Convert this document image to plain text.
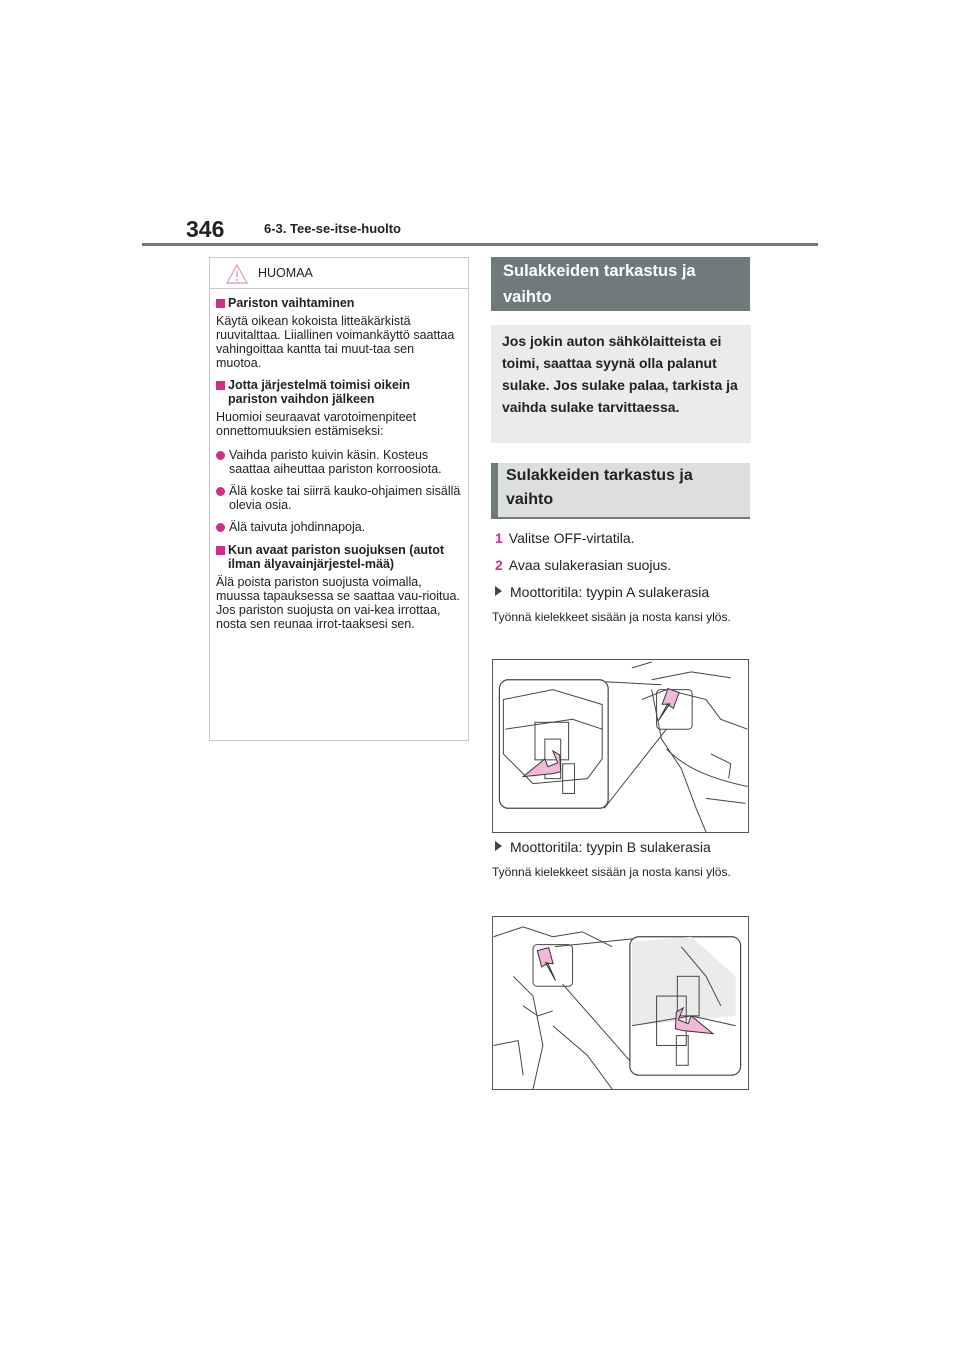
346	6-3. Tee-se-itse-huolto
HUOMAA
Pariston vaihtaminen
Käytä oikean kokoista litteäkärkistä ruuvitalttaa. Liiallinen voimankäyttö saattaa vahingoittaa kantta tai muut-taa sen muotoa.
Jotta järjestelmä toimisi oikein pariston vaihdon jälkeen
Huomioi seuraavat varotoimenpiteet onnettomuuksien estämiseksi:
Vaihda paristo kuivin käsin. Kosteus saattaa aiheuttaa pariston korroosiota.
Älä koske tai siirrä kauko-ohjaimen sisällä olevia osia.
Älä taivuta johdinnapoja.
Kun avaat pariston suojuksen (autot ilman älyavainjärjestel-mää)
Älä poista pariston suojusta voimalla, muussa tapauksessa se saattaa vau-rioitua. Jos pariston suojusta on vai-kea irrottaa, nosta sen reunaa irrot-taaksesi sen.
Sulakkeiden tarkastus ja vaihto
Jos jokin auton sähkölaitteista ei toimi, saattaa syynä olla palanut sulake. Jos sulake palaa, tarkista ja vaihda sulake tarvittaessa.
Sulakkeiden tarkastus ja vaihto
1 Valitse OFF-virtatila.
2 Avaa sulakerasian suojus.
Moottoritila: tyypin A sulakerasia
Työnnä kielekkeet sisään ja nosta kansi ylös.
Moottoritila: tyypin B sulakerasia
Työnnä kielekkeet sisään ja nosta kansi ylös.
